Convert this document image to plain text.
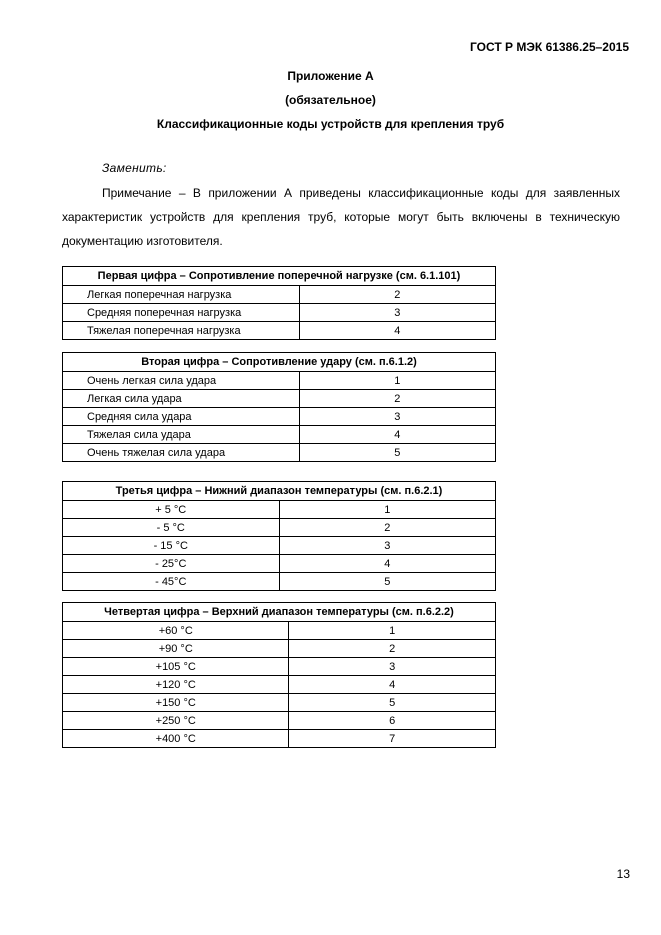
ГОСТ Р МЭК 61386.25–2015
Приложение А
(обязательное)
Классификационные коды устройств для крепления труб
Заменить:
Примечание – В приложении А приведены классификационные коды для заявленных характеристик устройств для крепления труб, которые могут быть включены в техническую документацию изготовителя.
Первая цифра – Сопротивление поперечной нагрузке (см. 6.1.101)	
Легкая поперечная нагрузка	2
Средняя поперечная нагрузка	3
Тяжелая поперечная нагрузка	4
Вторая цифра – Сопротивление удару (см. п.6.1.2)	
Очень легкая сила удара	1
Легкая сила удара	2
Средняя сила удара	3
Тяжелая сила удара	4
Очень тяжелая сила удара	5
Третья цифра – Нижний диапазон температуры (см. п.6.2.1)	
+ 5 °C	1
- 5 °C	2
- 15 °C	3
- 25°C	4
- 45°C	5
Четвертая цифра – Верхний диапазон температуры (см. п.6.2.2)	
+60 °C	1
+90 °C	2
+105 °C	3
+120 °C	4
+150 °C	5
+250 °C	6
+400 °C	7
13
